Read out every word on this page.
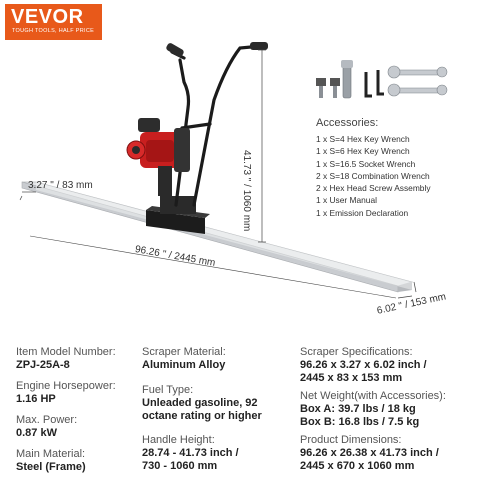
VEVOR
TOUGH TOOLS, HALF PRICE
41.73 " / 1060 mm
3.27 " / 83 mm
96.26 " / 2445 mm
6.02 " / 153 mm
Accessories:
1 x S=4 Hex Key Wrench
1 x S=6 Hex Key Wrench
1 x S=16.5 Socket Wrench
2 x S=18 Combination Wrench
2 x Hex Head Screw Assembly
1 x User Manual
1 x Emission Declaration
Item Model Number:
ZPJ-25A-8
Engine Horsepower:
1.16 HP
Max. Power:
0.87 kW
Main Material:
Steel (Frame)
Scraper Material:
Aluminum Alloy
Fuel Type:
Unleaded gasoline, 92
octane rating or higher
Handle Height:
28.74 - 41.73 inch /
730 - 1060 mm
Scraper Specifications:
96.26 x 3.27 x 6.02 inch /
2445 x 83 x 153 mm
Net Weight(with Accessories):
Box A: 39.7 lbs / 18 kg
Box B: 16.8 lbs / 7.5 kg
Product Dimensions:
96.26 x 26.38 x 41.73 inch /
2445 x 670 x 1060 mm
